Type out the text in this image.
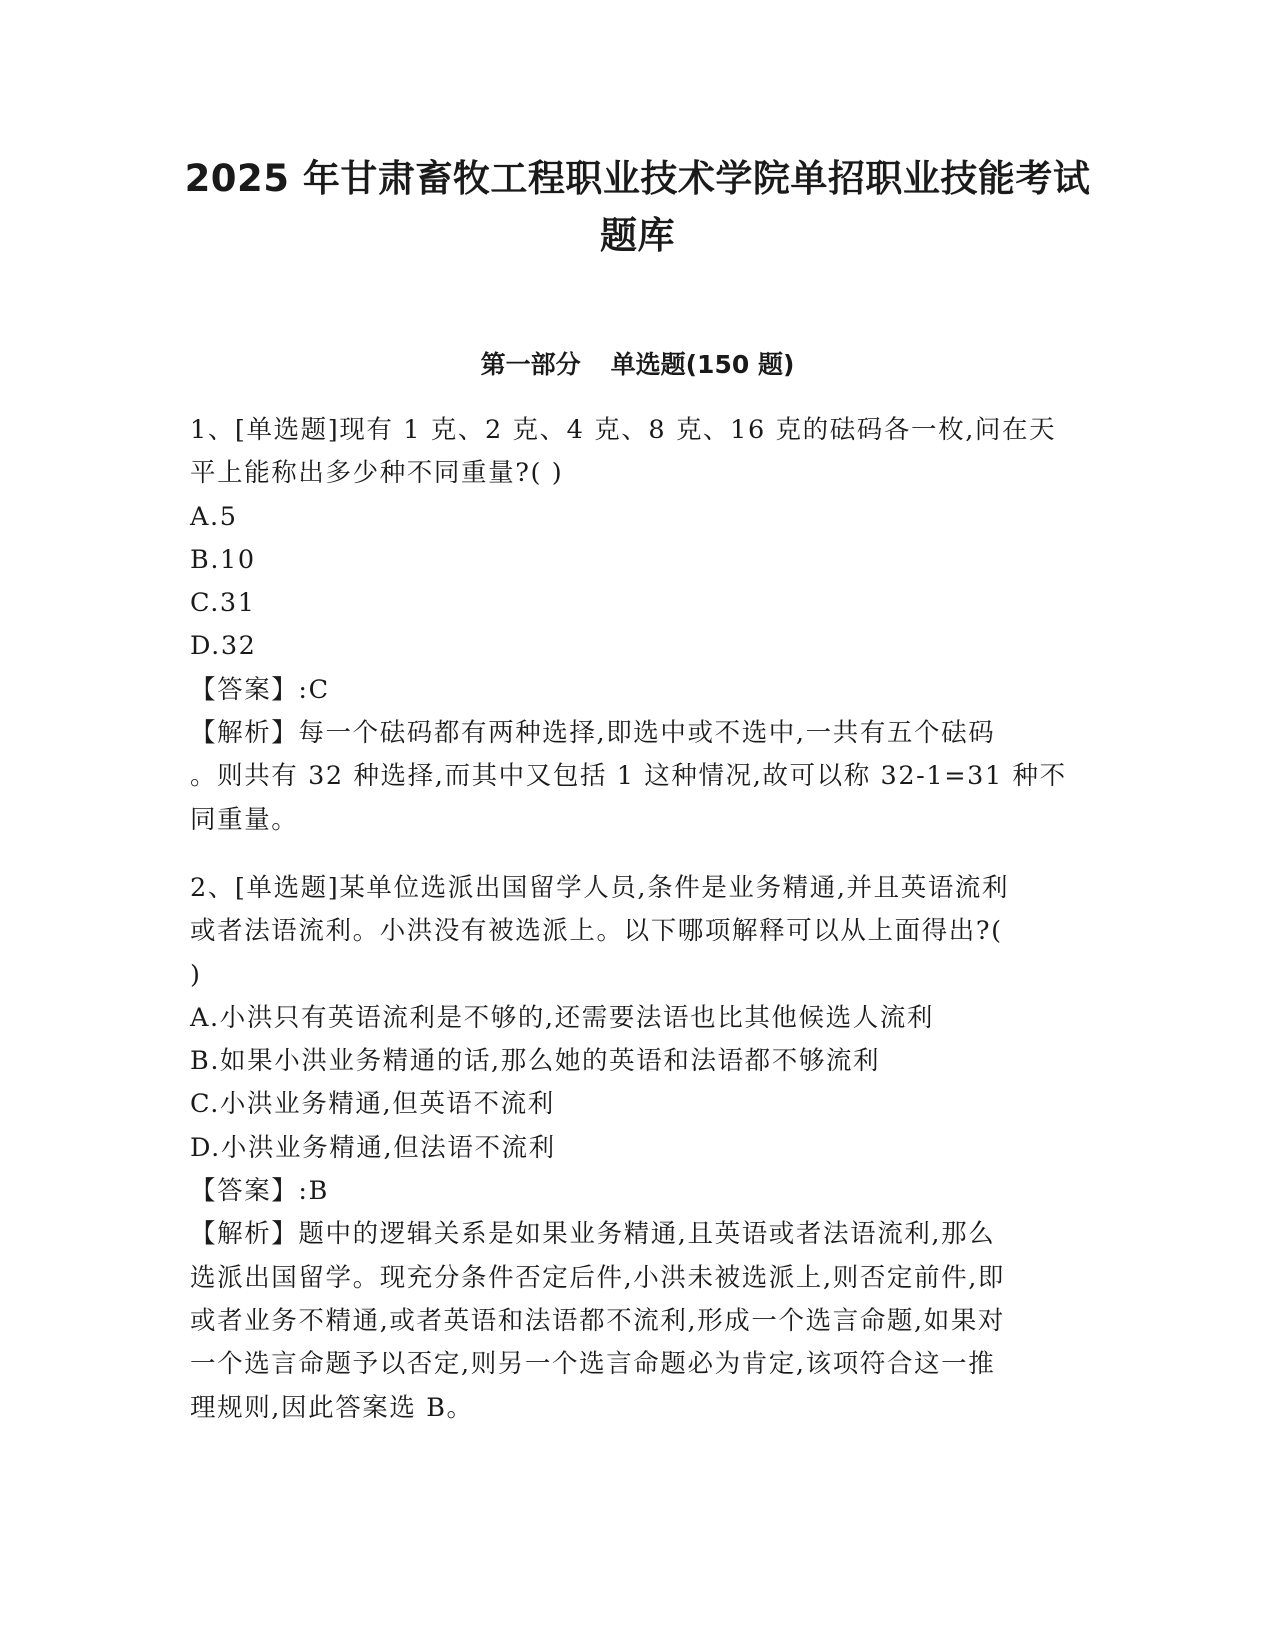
2025 年甘肃畜牧工程职业技术学院单招职业技能考试
题库
第一部分 单选题(150 题)
1、[单选题]现有 1 克、2 克、4 克、8 克、16 克的砝码各一枚,问在天
平上能称出多少种不同重量?( )
A.5
B.10
C.31
D.32
【答案】:C
【解析】每一个砝码都有两种选择,即选中或不选中,一共有五个砝码
。则共有 32 种选择,而其中又包括 1 这种情况,故可以称 32-1=31 种不
同重量。
2、[单选题]某单位选派出国留学人员,条件是业务精通,并且英语流利
或者法语流利。小洪没有被选派上。以下哪项解释可以从上面得出?(
)
A.小洪只有英语流利是不够的,还需要法语也比其他候选人流利
B.如果小洪业务精通的话,那么她的英语和法语都不够流利
C.小洪业务精通,但英语不流利
D.小洪业务精通,但法语不流利
【答案】:B
【解析】题中的逻辑关系是如果业务精通,且英语或者法语流利,那么
选派出国留学。现充分条件否定后件,小洪未被选派上,则否定前件,即
或者业务不精通,或者英语和法语都不流利,形成一个选言命题,如果对
一个选言命题予以否定,则另一个选言命题必为肯定,该项符合这一推
理规则,因此答案选 B。
